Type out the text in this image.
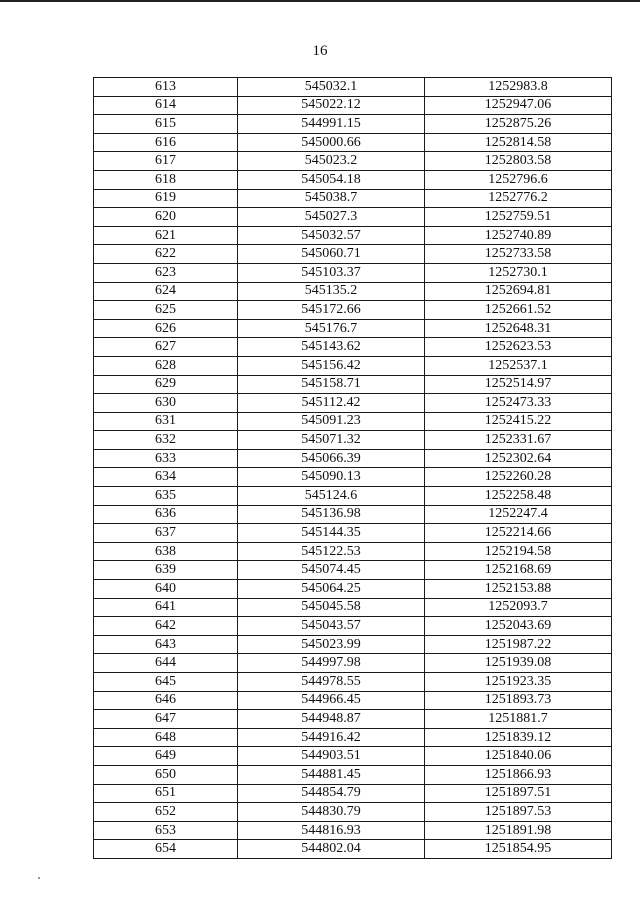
16
613	545032.1	1252983.8
614	545022.12	1252947.06
615	544991.15	1252875.26
616	545000.66	1252814.58
617	545023.2	1252803.58
618	545054.18	1252796.6
619	545038.7	1252776.2
620	545027.3	1252759.51
621	545032.57	1252740.89
622	545060.71	1252733.58
623	545103.37	1252730.1
624	545135.2	1252694.81
625	545172.66	1252661.52
626	545176.7	1252648.31
627	545143.62	1252623.53
628	545156.42	1252537.1
629	545158.71	1252514.97
630	545112.42	1252473.33
631	545091.23	1252415.22
632	545071.32	1252331.67
633	545066.39	1252302.64
634	545090.13	1252260.28
635	545124.6	1252258.48
636	545136.98	1252247.4
637	545144.35	1252214.66
638	545122.53	1252194.58
639	545074.45	1252168.69
640	545064.25	1252153.88
641	545045.58	1252093.7
642	545043.57	1252043.69
643	545023.99	1251987.22
644	544997.98	1251939.08
645	544978.55	1251923.35
646	544966.45	1251893.73
647	544948.87	1251881.7
648	544916.42	1251839.12
649	544903.51	1251840.06
650	544881.45	1251866.93
651	544854.79	1251897.51
652	544830.79	1251897.53
653	544816.93	1251891.98
654	544802.04	1251854.95
